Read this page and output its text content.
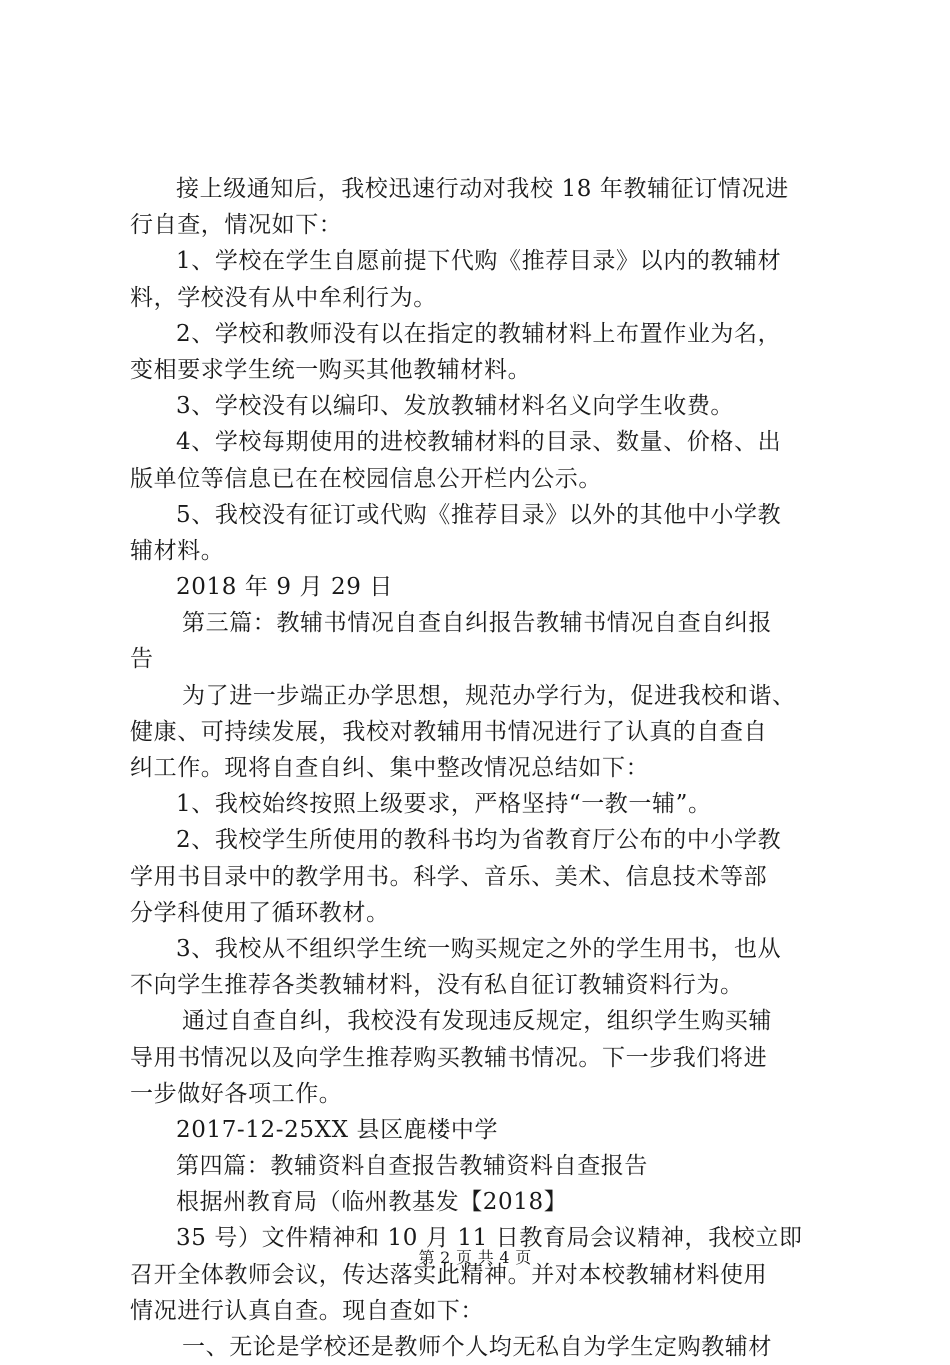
接上级通知后，我校迅速行动对我校 18 年教辅征订情况进
行自查，情况如下：
1、学校在学生自愿前提下代购《推荐目录》以内的教辅材
料，学校没有从中牟利行为。
2、学校和教师没有以在指定的教辅材料上布置作业为名，
变相要求学生统一购买其他教辅材料。
3、学校没有以编印、发放教辅材料名义向学生收费。
4、学校每期使用的进校教辅材料的目录、数量、价格、出
版单位等信息已在在校园信息公开栏内公示。
5、我校没有征订或代购《推荐目录》以外的其他中小学教
辅材料。
2018 年 9 月 29 日
第三篇：教辅书情况自查自纠报告教辅书情况自查自纠报
告
为了进一步端正办学思想，规范办学行为，促进我校和谐、
健康、可持续发展，我校对教辅用书情况进行了认真的自查自
纠工作。现将自查自纠、集中整改情况总结如下：
1、我校始终按照上级要求，严格坚持“一教一辅”。
2、我校学生所使用的教科书均为省教育厅公布的中小学教
学用书目录中的教学用书。科学、音乐、美术、信息技术等部
分学科使用了循环教材。
3、我校从不组织学生统一购买规定之外的学生用书，也从
不向学生推荐各类教辅材料，没有私自征订教辅资料行为。
通过自查自纠，我校没有发现违反规定，组织学生购买辅
导用书情况以及向学生推荐购买教辅书情况。下一步我们将进
一步做好各项工作。
2017-12-25XX 县区鹿楼中学
第四篇：教辅资料自查报告教辅资料自查报告
根据州教育局（临州教基发【2018】
35 号）文件精神和 10 月 11 日教育局会议精神，我校立即
召开全体教师会议，传达落实此精神。并对本校教辅材料使用
情况进行认真自查。现自查如下：
一、无论是学校还是教师个人均无私自为学生定购教辅材
第 2 页 共 4 页
